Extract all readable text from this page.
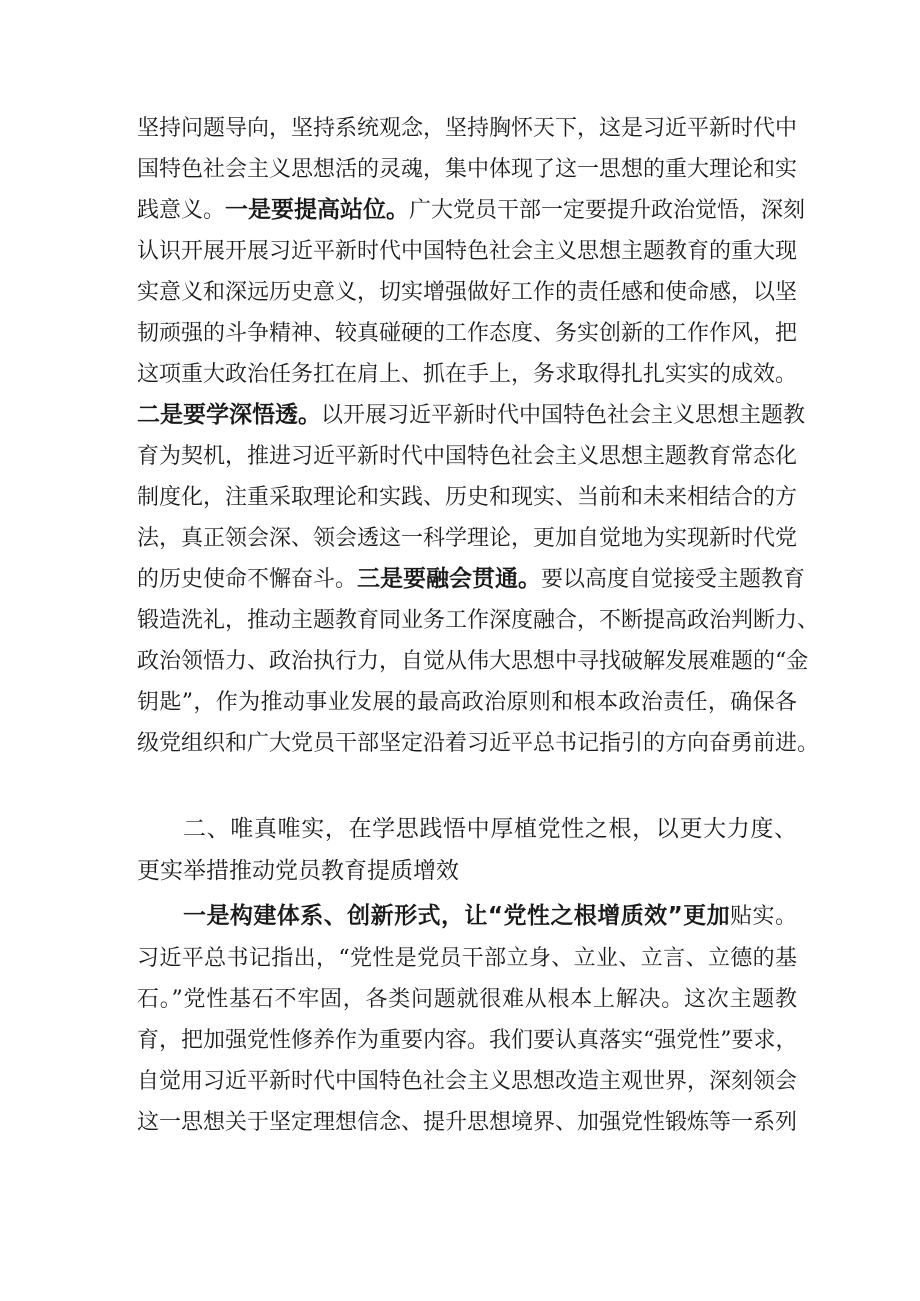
坚持问题导向，坚持系统观念，坚持胸怀天下，这是习近平新时代中
国特色社会主义思想活的灵魂，集中体现了这一思想的重大理论和实
践意义。一是要提高站位。广大党员干部一定要提升政治觉悟，深刻
认识开展开展习近平新时代中国特色社会主义思想主题教育的重大现
实意义和深远历史意义，切实增强做好工作的责任感和使命感，以坚
韧顽强的斗争精神、较真碰硬的工作态度、务实创新的工作作风，把
这项重大政治任务扛在肩上、抓在手上，务求取得扎扎实实的成效。
二是要学深悟透。以开展习近平新时代中国特色社会主义思想主题教
育为契机，推进习近平新时代中国特色社会主义思想主题教育常态化
制度化，注重采取理论和实践、历史和现实、当前和未来相结合的方
法，真正领会深、领会透这一科学理论，更加自觉地为实现新时代党
的历史使命不懈奋斗。三是要融会贯通。要以高度自觉接受主题教育
锻造洗礼，推动主题教育同业务工作深度融合，不断提高政治判断力、
政治领悟力、政治执行力，自觉从伟大思想中寻找破解发展难题的“金
钥匙”，作为推动事业发展的最高政治原则和根本政治责任，确保各
级党组织和广大党员干部坚定沿着习近平总书记指引的方向奋勇前进。
二、唯真唯实，在学思践悟中厚植党性之根，以更大力度、
更实举措推动党员教育提质增效
一是构建体系、创新形式，让“党性之根增质效”更加贴实。
习近平总书记指出，“党性是党员干部立身、立业、立言、立德的基
石。”党性基石不牢固，各类问题就很难从根本上解决。这次主题教
育，把加强党性修养作为重要内容。我们要认真落实“强党性”要求，
自觉用习近平新时代中国特色社会主义思想改造主观世界，深刻领会
这一思想关于坚定理想信念、提升思想境界、加强党性锻炼等一系列
